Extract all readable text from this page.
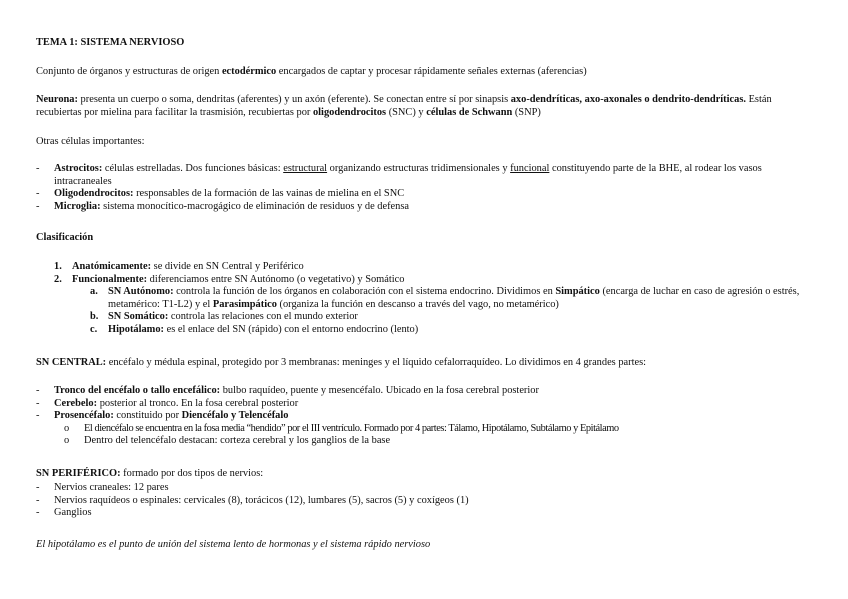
TEMA 1: SISTEMA NERVIOSO

Conjunto de órganos y estructuras de origen ectodérmico encargados de captar y procesar rápidamente señales externas (aferencias)

Neurona: presenta un cuerpo o soma, dendritas (aferentes) y un axón (eferente). Se conectan entre sí por sinapsis axo-dendríticas, axo-axonales o dendrito-dendríticas. Están recubiertas por mielina para facilitar la trasmisión, recubiertas por oligodendrocitos (SNC) y células de Schwann (SNP)

Otras células importantes:

- Astrocitos: células estrelladas. Dos funciones básicas: estructural organizando estructuras tridimensionales y funcional constituyendo parte de la BHE, al rodear los vasos intracraneales

- Oligodendrocitos: responsables de la formación de las vainas de mielina en el SNC

- Microglia: sistema monocítico-macrogágico de eliminación de residuos y de defensa

Clasificación

1. Anatómicamente: se divide en SN Central y Periférico

2. Funcionalmente: diferenciamos entre SN Autónomo (o vegetativo) y Somático

a. SN Autónomo: controla la función de los órganos en colaboración con el sistema endocrino. Dividimos en Simpático (encarga de luchar en caso de agresión o estrés, metamérico: T1-L2) y el Parasimpático (organiza la función en descanso a través del vago, no metamérico)

b. SN Somático: controla las relaciones con el mundo exterior

c. Hipotálamo: es el enlace del SN (rápido) con el entorno endocrino (lento)

SN CENTRAL: encéfalo y médula espinal, protegido por 3 membranas: meninges y el líquido cefalorraquídeo. Lo dividimos en 4 grandes partes:

- Tronco del encéfalo o tallo encefálico: bulbo raquídeo, puente y mesencéfalo. Ubicado en la fosa cerebral posterior

- Cerebelo: posterior al tronco. En la fosa cerebral posterior

- Prosencéfalo: constituido por Diencéfalo y Telencéfalo

o El diencéfalo se encuentra en la fosa media “hendido” por el III ventrículo. Formado por 4 partes: Tálamo, Hipotálamo, Subtálamo y Epitálamo

o Dentro del telencéfalo destacan: corteza cerebral y los ganglios de la base

SN PERIFÉRICO: formado por dos tipos de nervios:

- Nervios craneales: 12 pares

- Nervios raquídeos o espinales: cervicales (8), torácicos (12), lumbares (5), sacros (5) y coxígeos (1)

- Ganglios

El hipotálamo es el punto de unión del sistema lento de hormonas y el sistema rápido nervioso
